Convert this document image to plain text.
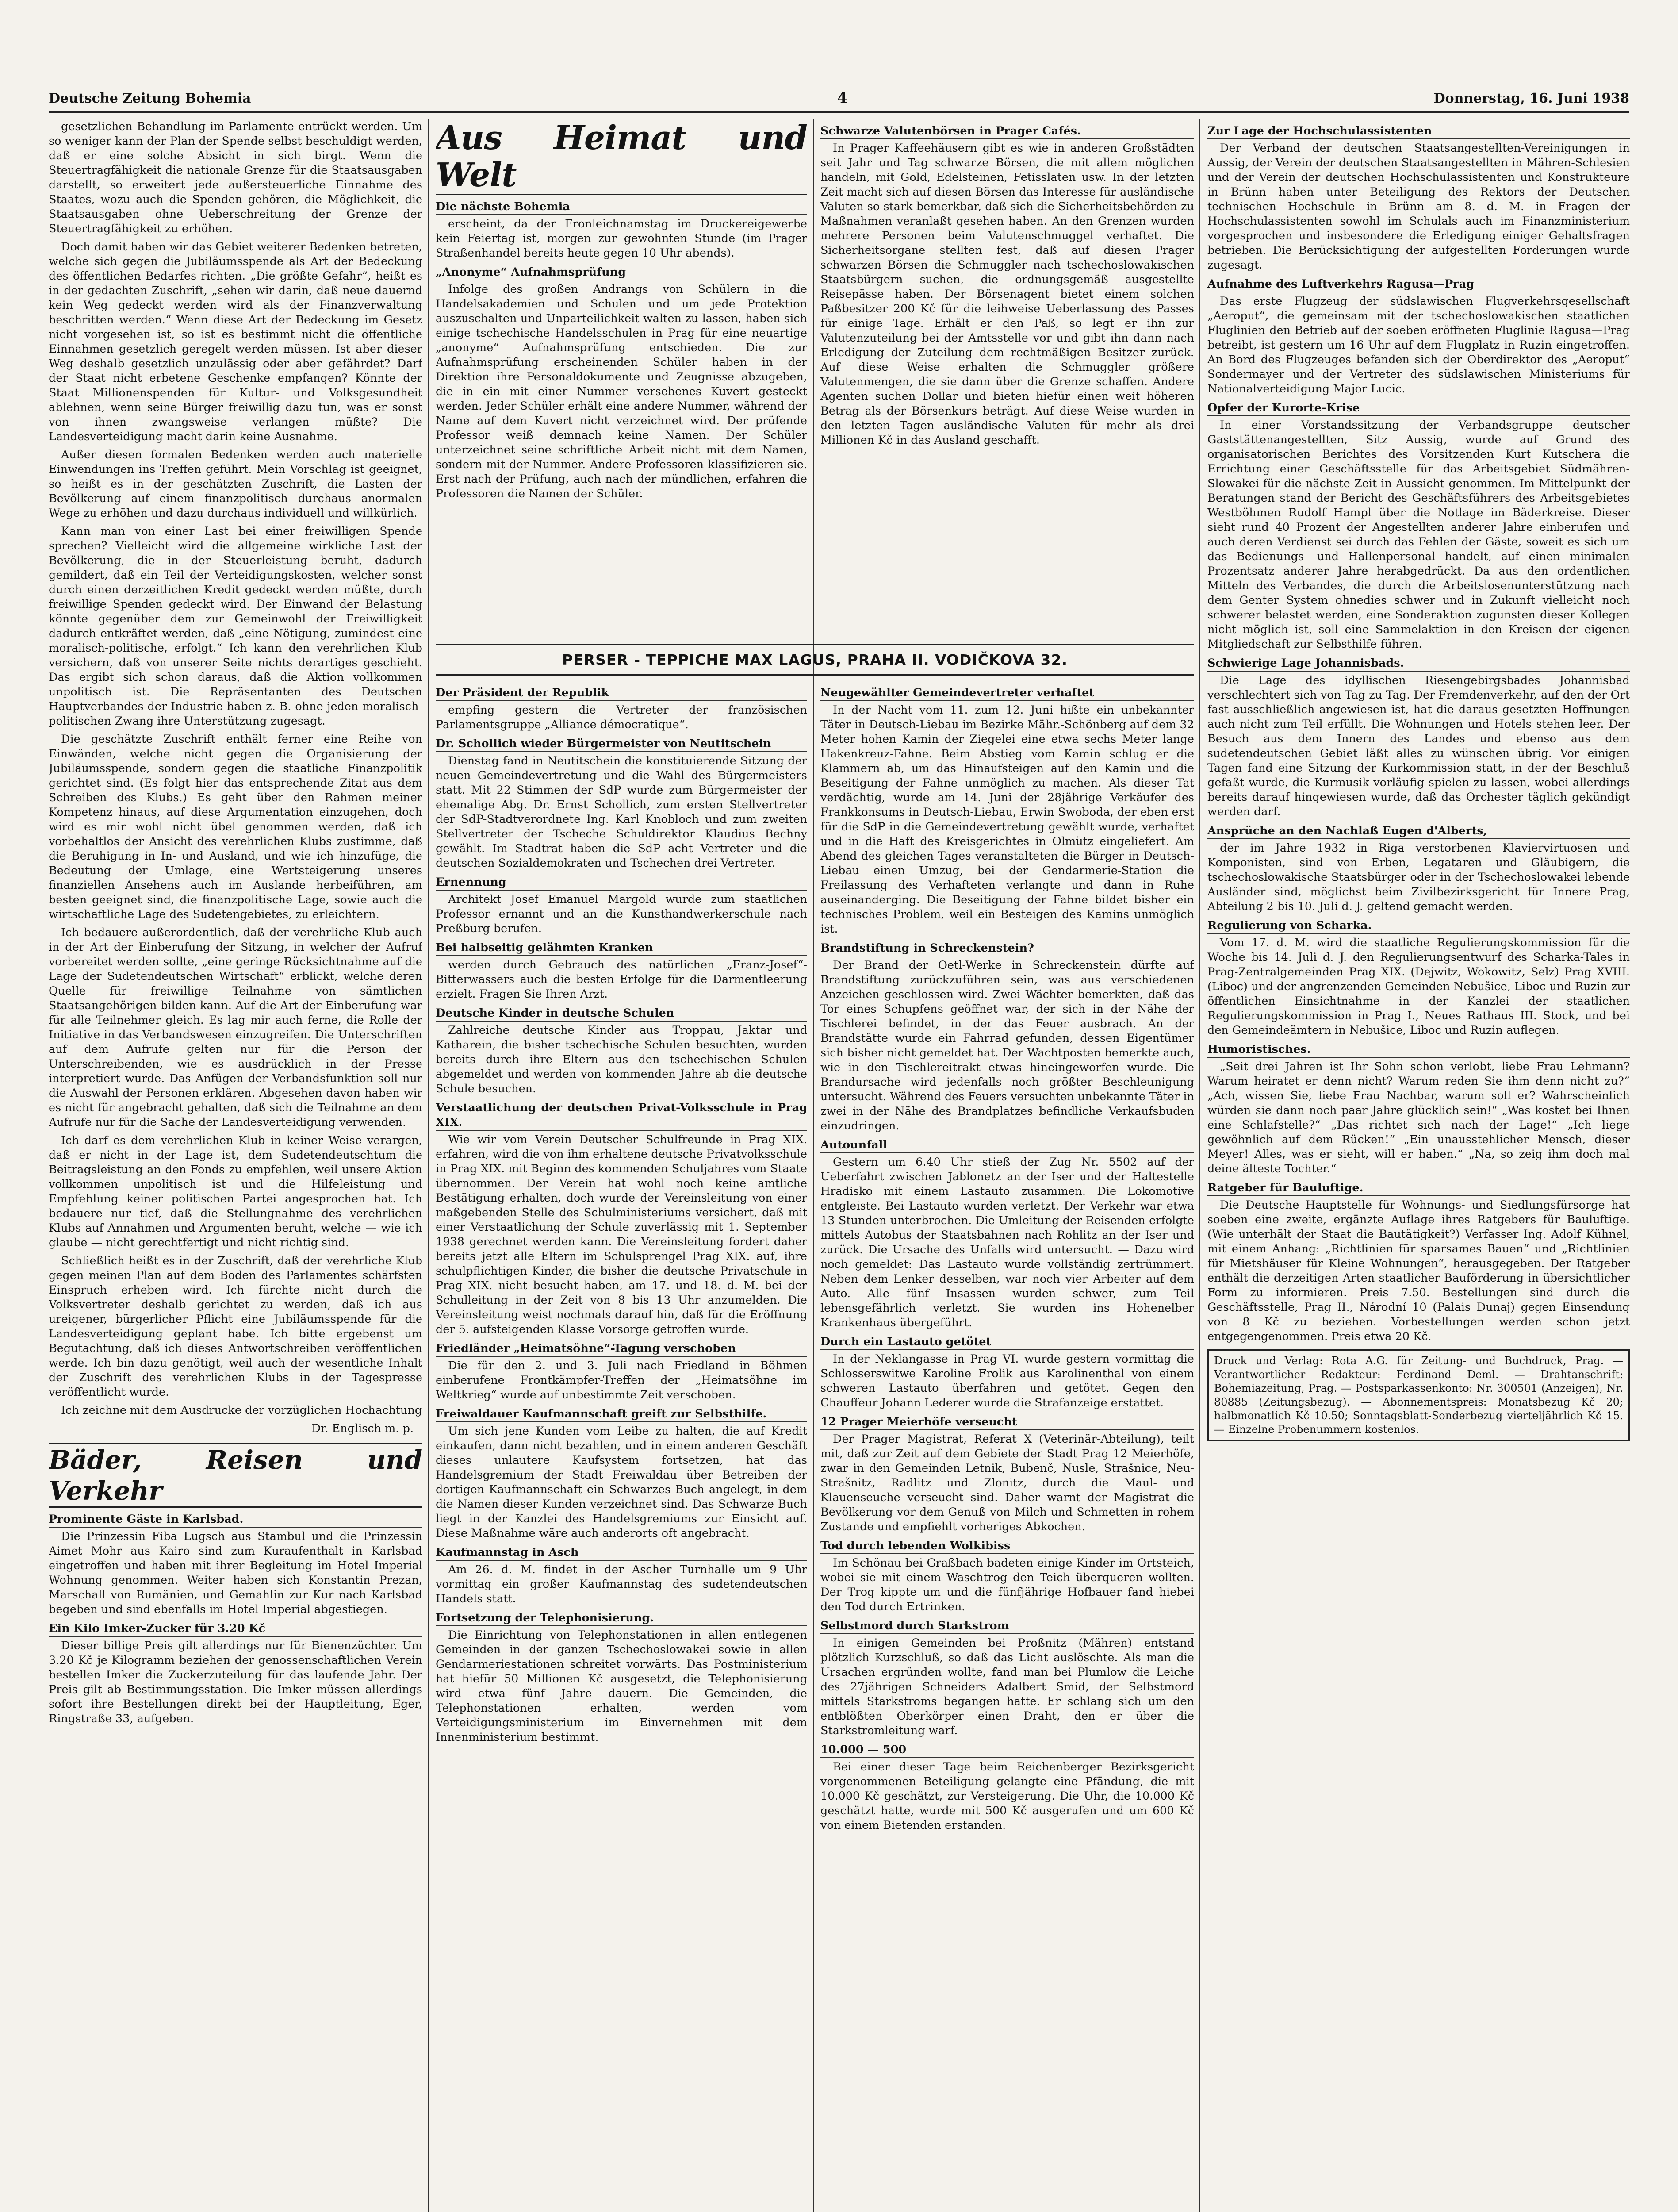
Deutsche Zeitung Bohemia	4	Donnerstag, 16. Juni 1938

gesetzlichen Behandlung im Parlamente entrückt werden. Um so weniger kann der Plan der Spende selbst beschuldigt werden, daß er eine solche Absicht in sich birgt. Wenn die Steuertragfähigkeit die nationale Grenze für die Staatsausgaben darstellt, so erweitert jede außersteuerliche Einnahme des Staates, wozu auch die Spenden gehören, die Möglichkeit, die Staatsausgaben ohne Ueberschreitung der Grenze der Steuertragfähigkeit zu erhöhen.

Doch damit haben wir das Gebiet weiterer Bedenken betreten, welche sich gegen die Jubiläumsspende als Art der Bedeckung des öffentlichen Bedarfes richten. „Die größte Gefahr“, heißt es in der gedachten Zuschrift, „sehen wir darin, daß neue dauernd kein Weg gedeckt werden wird als der Finanzverwaltung beschritten werden.“ Wenn diese Art der Bedeckung im Gesetz nicht vorgesehen ist, so ist es bestimmt nicht die öffentliche Einnahmen gesetzlich geregelt werden müssen. Ist aber dieser Weg deshalb gesetzlich unzulässig oder aber gefährdet? Darf der Staat nicht erbetene Geschenke empfangen? Könnte der Staat Millionenspenden für Kultur- und Volksgesundheit ablehnen, wenn seine Bürger freiwillig dazu tun, was er sonst von ihnen zwangsweise verlangen müßte? Die Landesverteidigung macht darin keine Ausnahme.

Außer diesen formalen Bedenken werden auch materielle Einwendungen ins Treffen geführt. Mein Vorschlag ist geeignet, so heißt es in der geschätzten Zuschrift, die Lasten der Bevölkerung auf einem finanzpolitisch durchaus anormalen Wege zu erhöhen und dazu durchaus individuell und willkürlich.

Kann man von einer Last bei einer freiwilligen Spende sprechen? Vielleicht wird die allgemeine wirkliche Last der Bevölkerung, die in der Steuerleistung beruht, dadurch gemildert, daß ein Teil der Verteidigungskosten, welcher sonst durch einen derzeitlichen Kredit gedeckt werden müßte, durch freiwillige Spenden gedeckt wird. Der Einwand der Belastung könnte gegenüber dem zur Gemeinwohl der Freiwilligkeit dadurch entkräftet werden, daß „eine Nötigung, zumindest eine moralisch-politische, erfolgt.“ Ich kann den verehrlichen Klub versichern, daß von unserer Seite nichts derartiges geschieht. Das ergibt sich schon daraus, daß die Aktion vollkommen unpolitisch ist. Die Repräsentanten des Deutschen Hauptverbandes der Industrie haben z. B. ohne jeden moralisch-politischen Zwang ihre Unterstützung zugesagt.

Die geschätzte Zuschrift enthält ferner eine Reihe von Einwänden, welche nicht gegen die Organisierung der Jubiläumsspende, sondern gegen die staatliche Finanzpolitik gerichtet sind. (Es folgt hier das entsprechende Zitat aus dem Schreiben des Klubs.) Es geht über den Rahmen meiner Kompetenz hinaus, auf diese Argumentation einzugehen, doch wird es mir wohl nicht übel genommen werden, daß ich vorbehaltlos der Ansicht des verehrlichen Klubs zustimme, daß die Beruhigung in In- und Ausland, und wie ich hinzufüge, die Bedeutung der Umlage, eine Wertsteigerung unseres finanziellen Ansehens auch im Auslande herbeiführen, am besten geeignet sind, die finanzpolitische Lage, sowie auch die wirtschaftliche Lage des Sudetengebietes, zu erleichtern.

Ich bedauere außerordentlich, daß der verehrliche Klub auch in der Art der Einberufung der Sitzung, in welcher der Aufruf vorbereitet werden sollte, „eine geringe Rücksichtnahme auf die Lage der Sudetendeutschen Wirtschaft“ erblickt, welche deren Quelle für freiwillige Teilnahme von sämtlichen Staatsangehörigen bilden kann. Auf die Art der Einberufung war für alle Teilnehmer gleich. Es lag mir auch ferne, die Rolle der Initiative in das Verbandswesen einzugreifen. Die Unterschriften auf dem Aufrufe gelten nur für die Person der Unterschreibenden, wie es ausdrücklich in der Presse interpretiert wurde. Das Anfügen der Verbandsfunktion soll nur die Auswahl der Personen erklären. Abgesehen davon haben wir es nicht für angebracht gehalten, daß sich die Teilnahme an dem Aufrufe nur für die Sache der Landesverteidigung verwenden.

Ich darf es dem verehrlichen Klub in keiner Weise verargen, daß er nicht in der Lage ist, dem Sudetendeutschtum die Beitragsleistung an den Fonds zu empfehlen, weil unsere Aktion vollkommen unpolitisch ist und die Hilfeleistung und Empfehlung keiner politischen Partei angesprochen hat. Ich bedauere nur tief, daß die Stellungnahme des verehrlichen Klubs auf Annahmen und Argumenten beruht, welche — wie ich glaube — nicht gerechtfertigt und nicht richtig sind.

Schließlich heißt es in der Zuschrift, daß der verehrliche Klub gegen meinen Plan auf dem Boden des Parlamentes schärfsten Einspruch erheben wird. Ich fürchte nicht durch die Volksvertreter deshalb gerichtet zu werden, daß ich aus ureigener, bürgerlicher Pflicht eine Jubiläumsspende für die Landesverteidigung geplant habe. Ich bitte ergebenst um Begutachtung, daß ich dieses Antwortschreiben veröffentlichen werde. Ich bin dazu genötigt, weil auch der wesentliche Inhalt der Zuschrift des verehrlichen Klubs in der Tagespresse veröffentlicht wurde.

Ich zeichne mit dem Ausdrucke der vorzüglichen Hochachtung

Dr. Englisch m. p.
Bäder, Reisen und Verkehr
Prominente Gäste in Karlsbad.

Die Prinzessin Fiba Lugsch aus Stambul und die Prinzessin Aimet Mohr aus Kairo sind zum Kuraufenthalt in Karlsbad eingetroffen und haben mit ihrer Begleitung im Hotel Imperial Wohnung genommen. Weiter haben sich Konstantin Prezan, Marschall von Rumänien, und Gemahlin zur Kur nach Karlsbad begeben und sind ebenfalls im Hotel Imperial abgestiegen.

Ein Kilo Imker-Zucker für 3.20 Kč

Dieser billige Preis gilt allerdings nur für Bienenzüchter. Um 3.20 Kč je Kilogramm beziehen der genossenschaftlichen Verein bestellen Imker die Zuckerzuteilung für das laufende Jahr. Der Preis gilt ab Bestimmungsstation. Die Imker müssen allerdings sofort ihre Bestellungen direkt bei der Hauptleitung, Eger, Ringstraße 33, aufgeben.

Aus Heimat und Welt
Die nächste Bohemia

erscheint, da der Fronleichnamstag im Druckereigewerbe kein Feiertag ist, morgen zur gewohnten Stunde (im Prager Straßenhandel bereits heute gegen 10 Uhr abends).

„Anonyme“ Aufnahmsprüfung

Infolge des großen Andrangs von Schülern in die Handelsakademien und Schulen und um jede Protektion auszuschalten und Unparteilichkeit walten zu lassen, haben sich einige tschechische Handelsschulen in Prag für eine neuartige „anonyme“ Aufnahmsprüfung entschieden. Die zur Aufnahmsprüfung erscheinenden Schüler haben in der Direktion ihre Personaldokumente und Zeugnisse abzugeben, die in ein mit einer Nummer versehenes Kuvert gesteckt werden. Jeder Schüler erhält eine andere Nummer, während der Name auf dem Kuvert nicht verzeichnet wird. Der prüfende Professor weiß demnach keine Namen. Der Schüler unterzeichnet seine schriftliche Arbeit nicht mit dem Namen, sondern mit der Nummer. Andere Professoren klassifizieren sie. Erst nach der Prüfung, auch nach der mündlichen, erfahren die Professoren die Namen der Schüler.

Schwarze Valutenbörsen in Prager Cafés.

In Prager Kaffeehäusern gibt es wie in anderen Großstädten seit Jahr und Tag schwarze Börsen, die mit allem möglichen handeln, mit Gold, Edelsteinen, Fetisslaten usw. In der letzten Zeit macht sich auf diesen Börsen das Interesse für ausländische Valuten so stark bemerkbar, daß sich die Sicherheitsbehörden zu Maßnahmen veranlaßt gesehen haben. An den Grenzen wurden mehrere Personen beim Valutenschmuggel verhaftet. Die Sicherheitsorgane stellten fest, daß auf diesen Prager schwarzen Börsen die Schmuggler nach tschechoslowakischen Staatsbürgern suchen, die ordnungsgemäß ausgestellte Reisepässe haben. Der Börsenagent bietet einem solchen Paßbesitzer 200 Kč für die leihweise Ueberlassung des Passes für einige Tage. Erhält er den Paß, so legt er ihn zur Valutenzuteilung bei der Amtsstelle vor und gibt ihn dann nach Erledigung der Zuteilung dem rechtmäßigen Besitzer zurück. Auf diese Weise erhalten die Schmuggler größere Valutenmengen, die sie dann über die Grenze schaffen. Andere Agenten suchen Dollar und bieten hiefür einen weit höheren Betrag als der Börsenkurs beträgt. Auf diese Weise wurden in den letzten Tagen ausländische Valuten für mehr als drei Millionen Kč in das Ausland geschafft.

PERSER - TEPPICHE MAX LAGUS, PRAHA II. VODIČKOVA 32.
Der Präsident der Republik

empfing gestern die Vertreter der französischen Parlamentsgruppe „Alliance démocratique“.

Dr. Schollich wieder Bürgermeister von Neutitschein

Dienstag fand in Neutitschein die konstituierende Sitzung der neuen Gemeindevertretung und die Wahl des Bürgermeisters statt. Mit 22 Stimmen der SdP wurde zum Bürgermeister der ehemalige Abg. Dr. Ernst Schollich, zum ersten Stellvertreter der SdP-Stadtverordnete Ing. Karl Knobloch und zum zweiten Stellvertreter der Tscheche Schuldirektor Klaudius Bechny gewählt. Im Stadtrat haben die SdP acht Vertreter und die deutschen Sozialdemokraten und Tschechen drei Vertreter.

Ernennung

Architekt Josef Emanuel Margold wurde zum staatlichen Professor ernannt und an die Kunsthandwerkerschule nach Preßburg berufen.

Bei halbseitig gelähmten Kranken

werden durch Gebrauch des natürlichen „Franz-Josef“-Bitterwassers auch die besten Erfolge für die Darmentleerung erzielt. Fragen Sie Ihren Arzt.

Deutsche Kinder in deutsche Schulen

Zahlreiche deutsche Kinder aus Troppau, Jaktar und Katharein, die bisher tschechische Schulen besuchten, wurden bereits durch ihre Eltern aus den tschechischen Schulen abgemeldet und werden von kommenden Jahre ab die deutsche Schule besuchen.

Verstaatlichung der deutschen Privat-Volksschule in Prag XIX.

Wie wir vom Verein Deutscher Schulfreunde in Prag XIX. erfahren, wird die von ihm erhaltene deutsche Privatvolksschule in Prag XIX. mit Beginn des kommenden Schuljahres vom Staate übernommen. Der Verein hat wohl noch keine amtliche Bestätigung erhalten, doch wurde der Vereinsleitung von einer maßgebenden Stelle des Schulministeriums versichert, daß mit einer Verstaatlichung der Schule zuverlässig mit 1. September 1938 gerechnet werden kann. Die Vereinsleitung fordert daher bereits jetzt alle Eltern im Schulsprengel Prag XIX. auf, ihre schulpflichtigen Kinder, die bisher die deutsche Privatschule in Prag XIX. nicht besucht haben, am 17. und 18. d. M. bei der Schulleitung in der Zeit von 8 bis 13 Uhr anzumelden. Die Vereinsleitung weist nochmals darauf hin, daß für die Eröffnung der 5. aufsteigenden Klasse Vorsorge getroffen wurde.

Friedländer „Heimatsöhne“-Tagung verschoben

Die für den 2. und 3. Juli nach Friedland in Böhmen einberufene Frontkämpfer-Treffen der „Heimatsöhne im Weltkrieg“ wurde auf unbestimmte Zeit verschoben.

Freiwaldauer Kaufmannschaft greift zur Selbsthilfe.

Um sich jene Kunden vom Leibe zu halten, die auf Kredit einkaufen, dann nicht bezahlen, und in einem anderen Geschäft dieses unlautere Kaufsystem fortsetzen, hat das Handelsgremium der Stadt Freiwaldau über Betreiben der dortigen Kaufmannschaft ein Schwarzes Buch angelegt, in dem die Namen dieser Kunden verzeichnet sind. Das Schwarze Buch liegt in der Kanzlei des Handelsgremiums zur Einsicht auf. Diese Maßnahme wäre auch anderorts oft angebracht.

Kaufmannstag in Asch

Am 26. d. M. findet in der Ascher Turnhalle um 9 Uhr vormittag ein großer Kaufmannstag des sudetendeutschen Handels statt.

Fortsetzung der Telephonisierung.

Die Einrichtung von Telephonstationen in allen entlegenen Gemeinden in der ganzen Tschechoslowakei sowie in allen Gendarmeriestationen schreitet vorwärts. Das Postministerium hat hiefür 50 Millionen Kč ausgesetzt, die Telephonisierung wird etwa fünf Jahre dauern. Die Gemeinden, die Telephonstationen erhalten, werden vom Verteidigungsministerium im Einvernehmen mit dem Innenministerium bestimmt.

Neugewählter Gemeindevertreter verhaftet

In der Nacht vom 11. zum 12. Juni hißte ein unbekannter Täter in Deutsch-Liebau im Bezirke Mähr.-Schönberg auf dem 32 Meter hohen Kamin der Ziegelei eine etwa sechs Meter lange Hakenkreuz-Fahne. Beim Abstieg vom Kamin schlug er die Klammern ab, um das Hinaufsteigen auf den Kamin und die Beseitigung der Fahne unmöglich zu machen. Als dieser Tat verdächtig, wurde am 14. Juni der 28jährige Verkäufer des Frankkonsums in Deutsch-Liebau, Erwin Swoboda, der eben erst für die SdP in die Gemeindevertretung gewählt wurde, verhaftet und in die Haft des Kreisgerichtes in Olmütz eingeliefert. Am Abend des gleichen Tages veranstalteten die Bürger in Deutsch-Liebau einen Umzug, bei der Gendarmerie-Station die Freilassung des Verhafteten verlangte und dann in Ruhe auseinanderging. Die Beseitigung der Fahne bildet bisher ein technisches Problem, weil ein Besteigen des Kamins unmöglich ist.

Brandstiftung in Schreckenstein?

Der Brand der Oetl-Werke in Schreckenstein dürfte auf Brandstiftung zurückzuführen sein, was aus verschiedenen Anzeichen geschlossen wird. Zwei Wächter bemerkten, daß das Tor eines Schupfens geöffnet war, der sich in der Nähe der Tischlerei befindet, in der das Feuer ausbrach. An der Brandstätte wurde ein Fahrrad gefunden, dessen Eigentümer sich bisher nicht gemeldet hat. Der Wachtposten bemerkte auch, wie in den Tischlereitrakt etwas hineingeworfen wurde. Die Brandursache wird jedenfalls noch größter Beschleunigung untersucht. Während des Feuers versuchten unbekannte Täter in zwei in der Nähe des Brandplatzes befindliche Verkaufsbuden einzudringen.

Autounfall

Gestern um 6.40 Uhr stieß der Zug Nr. 5502 auf der Ueberfahrt zwischen Jablonetz an der Iser und der Haltestelle Hradisko mit einem Lastauto zusammen. Die Lokomotive entgleiste. Bei Lastauto wurden verletzt. Der Verkehr war etwa 13 Stunden unterbrochen. Die Umleitung der Reisenden erfolgte mittels Autobus der Staatsbahnen nach Rohlitz an der Iser und zurück. Die Ursache des Unfalls wird untersucht. — Dazu wird noch gemeldet: Das Lastauto wurde vollständig zertrümmert. Neben dem Lenker desselben, war noch vier Arbeiter auf dem Auto. Alle fünf Insassen wurden schwer, zum Teil lebensgefährlich verletzt. Sie wurden ins Hohenelber Krankenhaus übergeführt.

Durch ein Lastauto getötet

In der Neklangasse in Prag VI. wurde gestern vormittag die Schlosserswitwe Karoline Frolik aus Karolinenthal von einem schweren Lastauto überfahren und getötet. Gegen den Chauffeur Johann Lederer wurde die Strafanzeige erstattet.

12 Prager Meierhöfe verseucht

Der Prager Magistrat, Referat X (Veterinär-Abteilung), teilt mit, daß zur Zeit auf dem Gebiete der Stadt Prag 12 Meierhöfe, zwar in den Gemeinden Letnik, Bubenč, Nusle, Strašnice, Neu-Strašnitz, Radlitz und Zlonitz, durch die Maul- und Klauenseuche verseucht sind. Daher warnt der Magistrat die Bevölkerung vor dem Genuß von Milch und Schmetten in rohem Zustande und empfiehlt vorheriges Abkochen.

Tod durch lebenden Wolkibiss

Im Schönau bei Graßbach badeten einige Kinder im Ortsteich, wobei sie mit einem Waschtrog den Teich überqueren wollten. Der Trog kippte um und die fünfjährige Hofbauer fand hiebei den Tod durch Ertrinken.

Selbstmord durch Starkstrom

In einigen Gemeinden bei Proßnitz (Mähren) entstand plötzlich Kurzschluß, so daß das Licht auslöschte. Als man die Ursachen ergründen wollte, fand man bei Plumlow die Leiche des 27jährigen Schneiders Adalbert Smid, der Selbstmord mittels Starkstroms begangen hatte. Er schlang sich um den entblößten Oberkörper einen Draht, den er über die Starkstromleitung warf.

10.000 — 500

Bei einer dieser Tage beim Reichenberger Bezirksgericht vorgenommenen Beteiligung gelangte eine Pfändung, die mit 10.000 Kč geschätzt, zur Versteigerung. Die Uhr, die 10.000 Kč geschätzt hatte, wurde mit 500 Kč ausgerufen und um 600 Kč von einem Bietenden erstanden.

Zur Lage der Hochschulassistenten

Der Verband der deutschen Staatsangestellten-Vereinigungen in Aussig, der Verein der deutschen Staatsangestellten in Mähren-Schlesien und der Verein der deutschen Hochschulassistenten und Konstrukteure in Brünn haben unter Beteiligung des Rektors der Deutschen technischen Hochschule in Brünn am 8. d. M. in Fragen der Hochschulassistenten sowohl im Schulals auch im Finanzministerium vorgesprochen und insbesondere die Erledigung einiger Gehaltsfragen betrieben. Die Berücksichtigung der aufgestellten Forderungen wurde zugesagt.

Aufnahme des Luftverkehrs Ragusa—Prag

Das erste Flugzeug der südslawischen Flugverkehrsgesellschaft „Aeroput“, die gemeinsam mit der tschechoslowakischen staatlichen Fluglinien den Betrieb auf der soeben eröffneten Fluglinie Ragusa—Prag betreibt, ist gestern um 16 Uhr auf dem Flugplatz in Ruzin eingetroffen. An Bord des Flugzeuges befanden sich der Oberdirektor des „Aeroput“ Sondermayer und der Vertreter des südslawischen Ministeriums für Nationalverteidigung Major Lucic.

Opfer der Kurorte-Krise

In einer Vorstandssitzung der Verbandsgruppe deutscher Gaststättenangestellten, Sitz Aussig, wurde auf Grund des organisatorischen Berichtes des Vorsitzenden Kurt Kutschera die Errichtung einer Geschäftsstelle für das Arbeitsgebiet Südmähren-Slowakei für die nächste Zeit in Aussicht genommen. Im Mittelpunkt der Beratungen stand der Bericht des Geschäftsführers des Arbeitsgebietes Westböhmen Rudolf Hampl über die Notlage im Bäderkreise. Dieser sieht rund 40 Prozent der Angestellten anderer Jahre einberufen und auch deren Verdienst sei durch das Fehlen der Gäste, soweit es sich um das Bedienungs- und Hallenpersonal handelt, auf einen minimalen Prozentsatz anderer Jahre herabgedrückt. Da aus den ordentlichen Mitteln des Verbandes, die durch die Arbeitslosenunterstützung nach dem Genter System ohnedies schwer und in Zukunft vielleicht noch schwerer belastet werden, eine Sonderaktion zugunsten dieser Kollegen nicht möglich ist, soll eine Sammelaktion in den Kreisen der eigenen Mitgliedschaft zur Selbsthilfe führen.

Schwierige Lage Johannisbads.

Die Lage des idyllischen Riesengebirgsbades Johannisbad verschlechtert sich von Tag zu Tag. Der Fremdenverkehr, auf den der Ort fast ausschließlich angewiesen ist, hat die daraus gesetzten Hoffnungen auch nicht zum Teil erfüllt. Die Wohnungen und Hotels stehen leer. Der Besuch aus dem Innern des Landes und ebenso aus dem sudetendeutschen Gebiet läßt alles zu wünschen übrig. Vor einigen Tagen fand eine Sitzung der Kurkommission statt, in der der Beschluß gefaßt wurde, die Kurmusik vorläufig spielen zu lassen, wobei allerdings bereits darauf hingewiesen wurde, daß das Orchester täglich gekündigt werden darf.

Ansprüche an den Nachlaß Eugen d'Alberts,

der im Jahre 1932 in Riga verstorbenen Klaviervirtuosen und Komponisten, sind von Erben, Legataren und Gläubigern, die tschechoslowakische Staatsbürger oder in der Tschechoslowakei lebende Ausländer sind, möglichst beim Zivilbezirksgericht für Innere Prag, Abteilung 2 bis 10. Juli d. J. geltend gemacht werden.

Regulierung von Scharka.

Vom 17. d. M. wird die staatliche Regulierungskommission für die Woche bis 14. Juli d. J. den Regulierungsentwurf des Scharka-Tales in Prag-Zentralgemeinden Prag XIX. (Dejwitz, Wokowitz, Selz) Prag XVIII. (Liboc) und der angrenzenden Gemeinden Nebušice, Liboc und Ruzin zur öffentlichen Einsichtnahme in der Kanzlei der staatlichen Regulierungskommission in Prag I., Neues Rathaus III. Stock, und bei den Gemeindeämtern in Nebušice, Liboc und Ruzin auflegen.

Humoristisches.

„Seit drei Jahren ist Ihr Sohn schon verlobt, liebe Frau Lehmann? Warum heiratet er denn nicht? Warum reden Sie ihm denn nicht zu?“ „Ach, wissen Sie, liebe Frau Nachbar, warum soll er? Wahrscheinlich würden sie dann noch paar Jahre glücklich sein!“ „Was kostet bei Ihnen eine Schlafstelle?“ „Das richtet sich nach der Lage!“ „Ich liege gewöhnlich auf dem Rücken!“ „Ein unausstehlicher Mensch, dieser Meyer! Alles, was er sieht, will er haben.“ „Na, so zeig ihm doch mal deine älteste Tochter.“

Ratgeber für Bauluftige.

Die Deutsche Hauptstelle für Wohnungs- und Siedlungsfürsorge hat soeben eine zweite, ergänzte Auflage ihres Ratgebers für Bauluftige. (Wie unterhält der Staat die Bautätigkeit?) Verfasser Ing. Adolf Kühnel, mit einem Anhang: „Richtlinien für sparsames Bauen“ und „Richtlinien für Mietshäuser für Kleine Wohnungen“, herausgegeben. Der Ratgeber enthält die derzeitigen Arten staatlicher Bauförderung in übersichtlicher Form zu informieren. Preis 7.50. Bestellungen sind durch die Geschäftsstelle, Prag II., Národní 10 (Palais Dunaj) gegen Einsendung von 8 Kč zu beziehen. Vorbestellungen werden schon jetzt entgegengenommen. Preis etwa 20 Kč.

Druck und Verlag: Rota A.G. für Zeitung- und Buchdruck, Prag. — Verantwortlicher Redakteur: Ferdinand Deml. — Drahtanschrift: Bohemiazeitung, Prag. — Postsparkassenkonto: Nr. 300501 (Anzeigen), Nr. 80885 (Zeitungsbezug). — Abonnementspreis: Monatsbezug Kč 20; halbmonatlich Kč 10.50; Sonntagsblatt-Sonderbezug vierteljährlich Kč 15. — Einzelne Probenummern kostenlos.
